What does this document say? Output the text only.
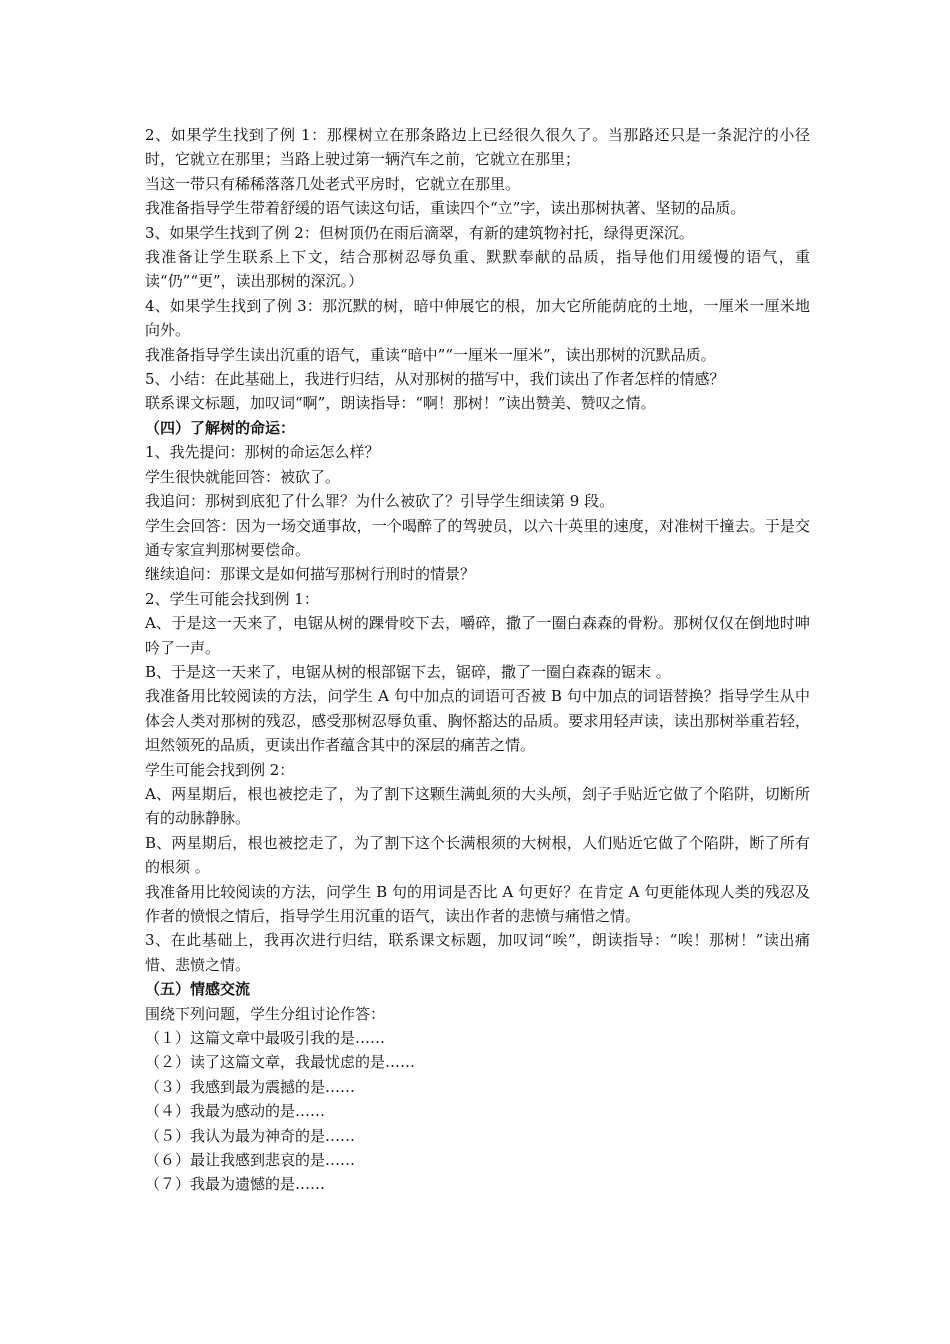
2、如果学生找到了例 1：那棵树立在那条路边上已经很久很久了。当那路还只是一条泥泞的小径时，它就立在那里；当路上驶过第一辆汽车之前，它就立在那里；

当这一带只有稀稀落落几处老式平房时，它就立在那里。

我准备指导学生带着舒缓的语气读这句话，重读四个“立”字，读出那树执著、坚韧的品质。

3、如果学生找到了例 2：但树顶仍在雨后滴翠，有新的建筑物衬托，绿得更深沉。

我准备让学生联系上下文，结合那树忍辱负重、默默奉献的品质，指导他们用缓慢的语气，重读“仍”“更”，读出那树的深沉。）

4、如果学生找到了例 3：那沉默的树，暗中伸展它的根，加大它所能荫庇的土地，一厘米一厘米地向外。

我准备指导学生读出沉重的语气，重读“暗中”“一厘米一厘米”，读出那树的沉默品质。

5、小结：在此基础上，我进行归结，从对那树的描写中，我们读出了作者怎样的情感？

联系课文标题，加叹词“啊”，朗读指导：“啊！那树！”读出赞美、赞叹之情。

（四）了解树的命运：

1、我先提问：那树的命运怎么样？

学生很快就能回答：被砍了。

我追问：那树到底犯了什么罪？为什么被砍了？引导学生细读第 9 段。

学生会回答：因为一场交通事故，一个喝醉了的驾驶员，以六十英里的速度，对准树干撞去。于是交通专家宣判那树要偿命。

继续追问：那课文是如何描写那树行刑时的情景？

2、学生可能会找到例 1：

A、于是这一天来了，电锯从树的踝骨咬下去，嚼碎，撒了一圈白森森的骨粉。那树仅仅在倒地时呻吟了一声。

B、于是这一天来了，电锯从树的根部锯下去，锯碎，撒了一圈白森森的锯末 。

我准备用比较阅读的方法，问学生 A 句中加点的词语可否被 B 句中加点的词语替换？指导学生从中体会人类对那树的残忍，感受那树忍辱负重、胸怀豁达的品质。要求用轻声读，读出那树举重若轻，坦然领死的品质，更读出作者蕴含其中的深层的痛苦之情。

学生可能会找到例 2：

A、两星期后，根也被挖走了，为了割下这颗生满虬须的大头颅，刽子手贴近它做了个陷阱，切断所有的动脉静脉。

B、两星期后，根也被挖走了，为了割下这个长满根须的大树根，人们贴近它做了个陷阱，断了所有的根须 。

我准备用比较阅读的方法，问学生 B 句的用词是否比 A 句更好？在肯定 A 句更能体现人类的残忍及作者的愤恨之情后，指导学生用沉重的语气，读出作者的悲愤与痛惜之情。

3、在此基础上，我再次进行归结，联系课文标题，加叹词“唉”，朗读指导：“唉！那树！”读出痛惜、悲愤之情。

（五）情感交流

围绕下列问题，学生分组讨论作答：

（１）这篇文章中最吸引我的是……

（２）读了这篇文章，我最忧虑的是……

（３）我感到最为震撼的是……

（４）我最为感动的是……

（５）我认为最为神奇的是……

（６）最让我感到悲哀的是……

（７）我最为遗憾的是……
